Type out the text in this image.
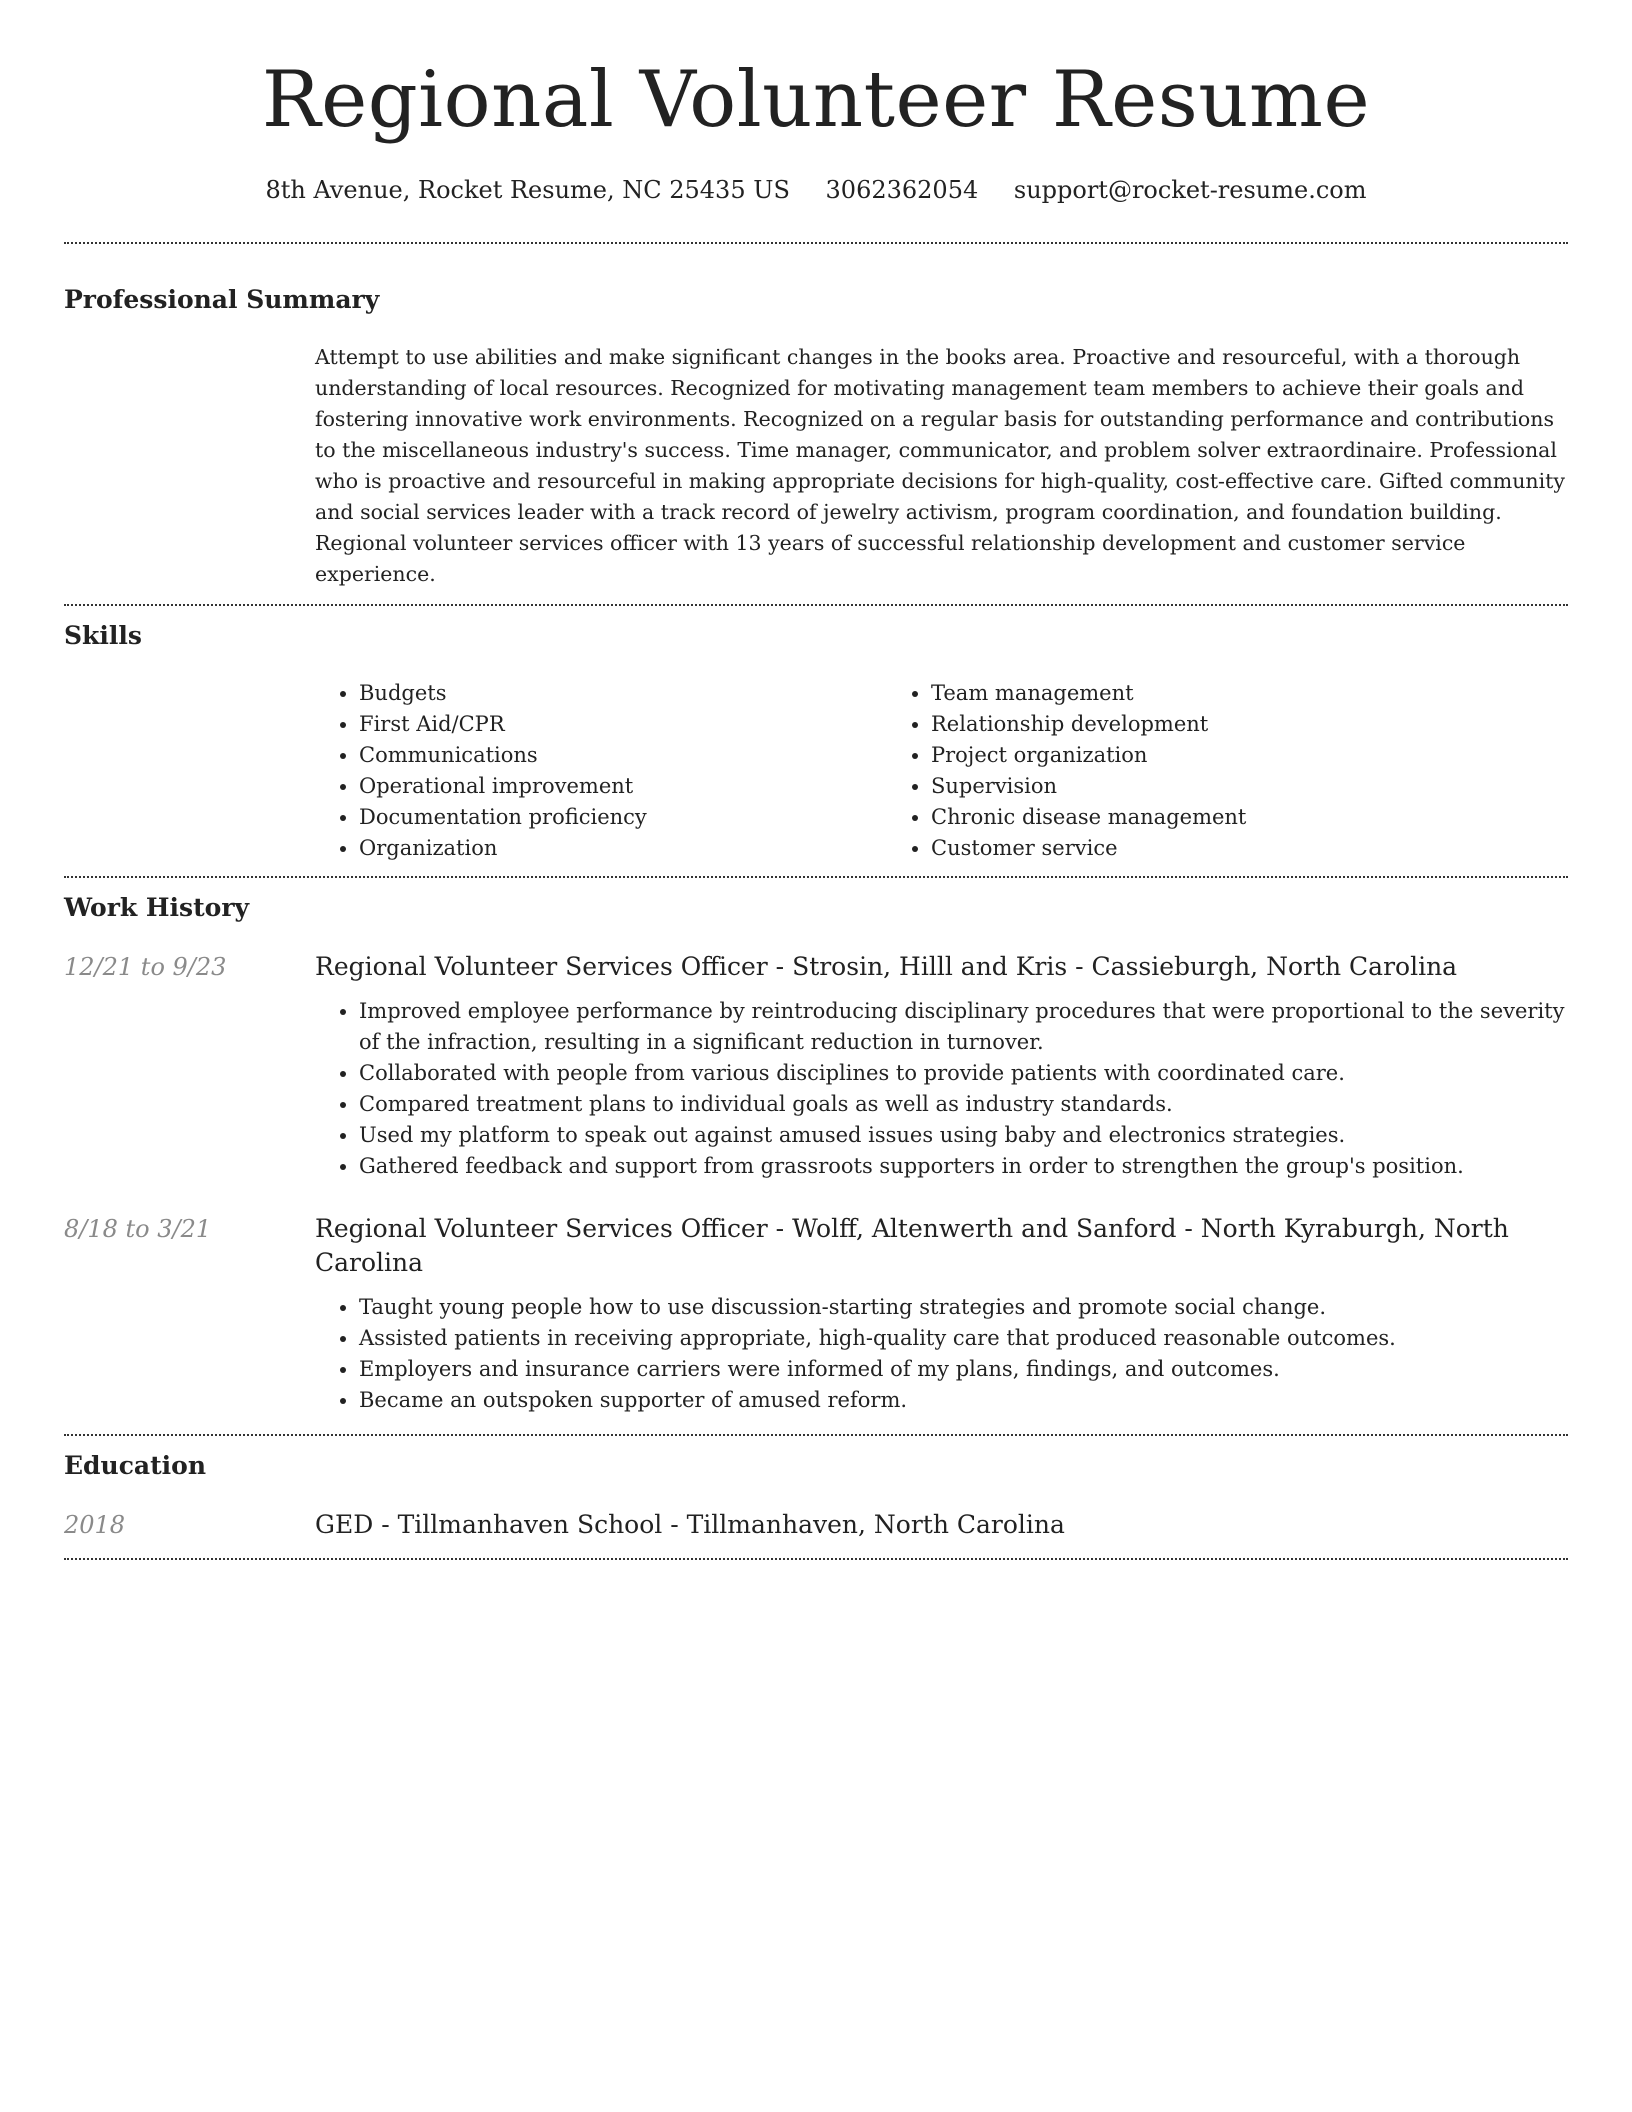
Regional Volunteer Resume
8th Avenue, Rocket Resume, NC 25435 US 3062362054 support@rocket-resume.com
Professional Summary

Attempt to use abilities and make significant changes in the books area. Proactive and resourceful, with a thorough understanding of local resources. Recognized for motivating management team members to achieve their goals and fostering innovative work environments. Recognized on a regular basis for outstanding performance and contributions to the miscellaneous industry's success. Time manager, communicator, and problem solver extraordinaire. Professional who is proactive and resourceful in making appropriate decisions for high-quality, cost-effective care. Gifted community and social services leader with a track record of jewelry activism, program coordination, and foundation building. Regional volunteer services officer with 13 years of successful relationship development and customer service experience.

Skills
• Budgets
• First Aid/CPR
• Communications
• Operational improvement
• Documentation proficiency
• Organization
• Team management
• Relationship development
• Project organization
• Supervision
• Chronic disease management
• Customer service
Work History
12/21 to 9/23	Regional Volunteer Services Officer - Strosin, Hilll and Kris - Cassieburgh, North Carolina
• Improved employee performance by reintroducing disciplinary procedures that were proportional to the severity of the infraction, resulting in a significant reduction in turnover.
• Collaborated with people from various disciplines to provide patients with coordinated care.
• Compared treatment plans to individual goals as well as industry standards.
• Used my platform to speak out against amused issues using baby and electronics strategies.
• Gathered feedback and support from grassroots supporters in order to strengthen the group's position.
8/18 to 3/21	Regional Volunteer Services Officer - Wolff, Altenwerth and Sanford - North Kyraburgh, North Carolina
• Taught young people how to use discussion-starting strategies and promote social change.
• Assisted patients in receiving appropriate, high-quality care that produced reasonable outcomes.
• Employers and insurance carriers were informed of my plans, findings, and outcomes.
• Became an outspoken supporter of amused reform.
Education
2018	GED - Tillmanhaven School - Tillmanhaven, North Carolina
